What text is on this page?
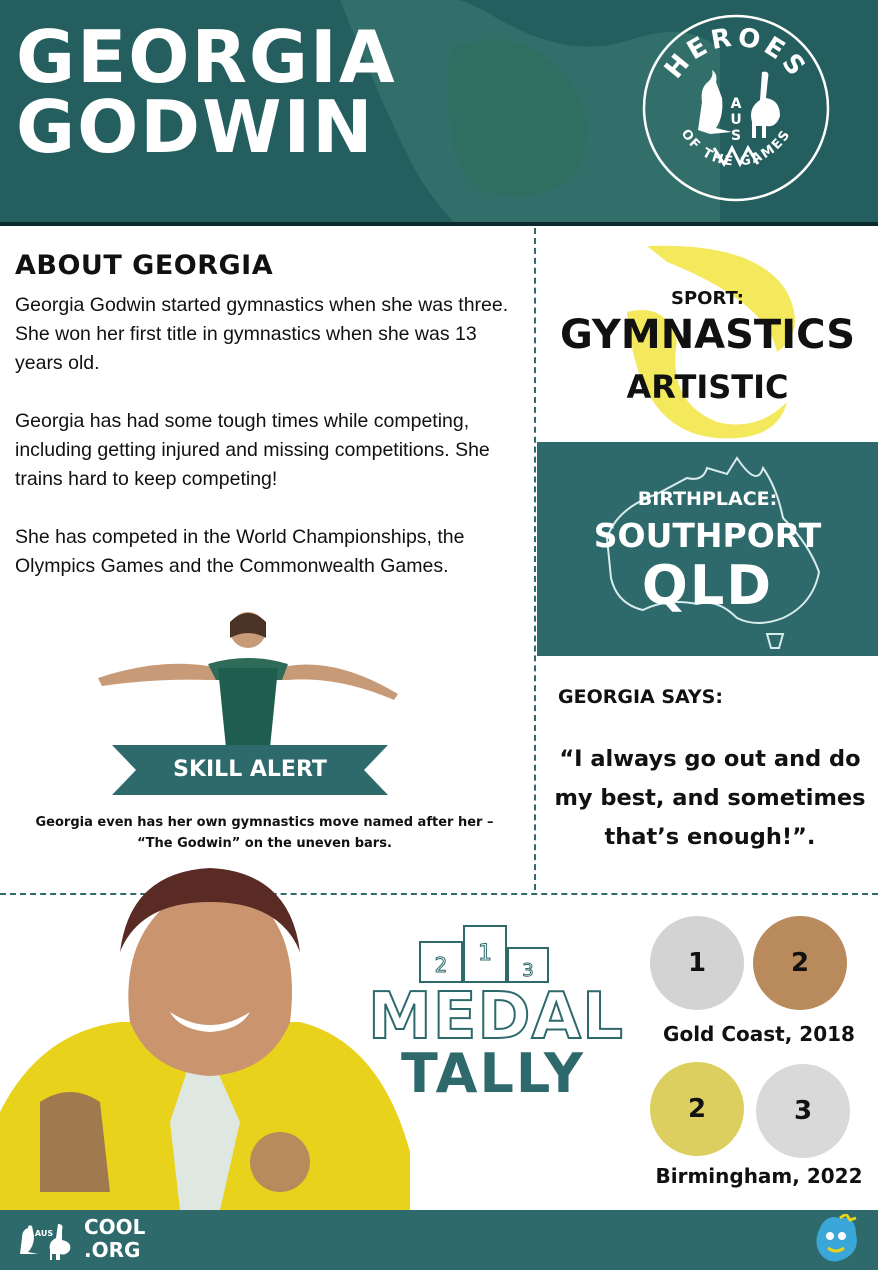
GEORGIA
GODWIN
HEROES
OF THE GAMES
A
U
S
ABOUT GEORGIA

Georgia Godwin started gymnastics when she was three. She won her first title in gymnastics when she was 13 years old.

Georgia has had some tough times while competing, including getting injured and missing competitions. She trains hard to keep competing!

She has competed in the World Championships, the Olympics Games and the Commonwealth Games.

SKILL ALERT
Georgia even has her own gymnastics move named after her –
“The Godwin” on the uneven bars.
SPORT:
GYMNASTICS
ARTISTIC
BIRTHPLACE:
SOUTHPORT
QLD
GEORGIA SAYS:
“I always go out and do my best, and sometimes that’s enough!”.
2 1
3
MEDAL
TALLY
1	2
Gold Coast, 2018
2	3
Birmingham, 2022
AUS COOL
.ORG
